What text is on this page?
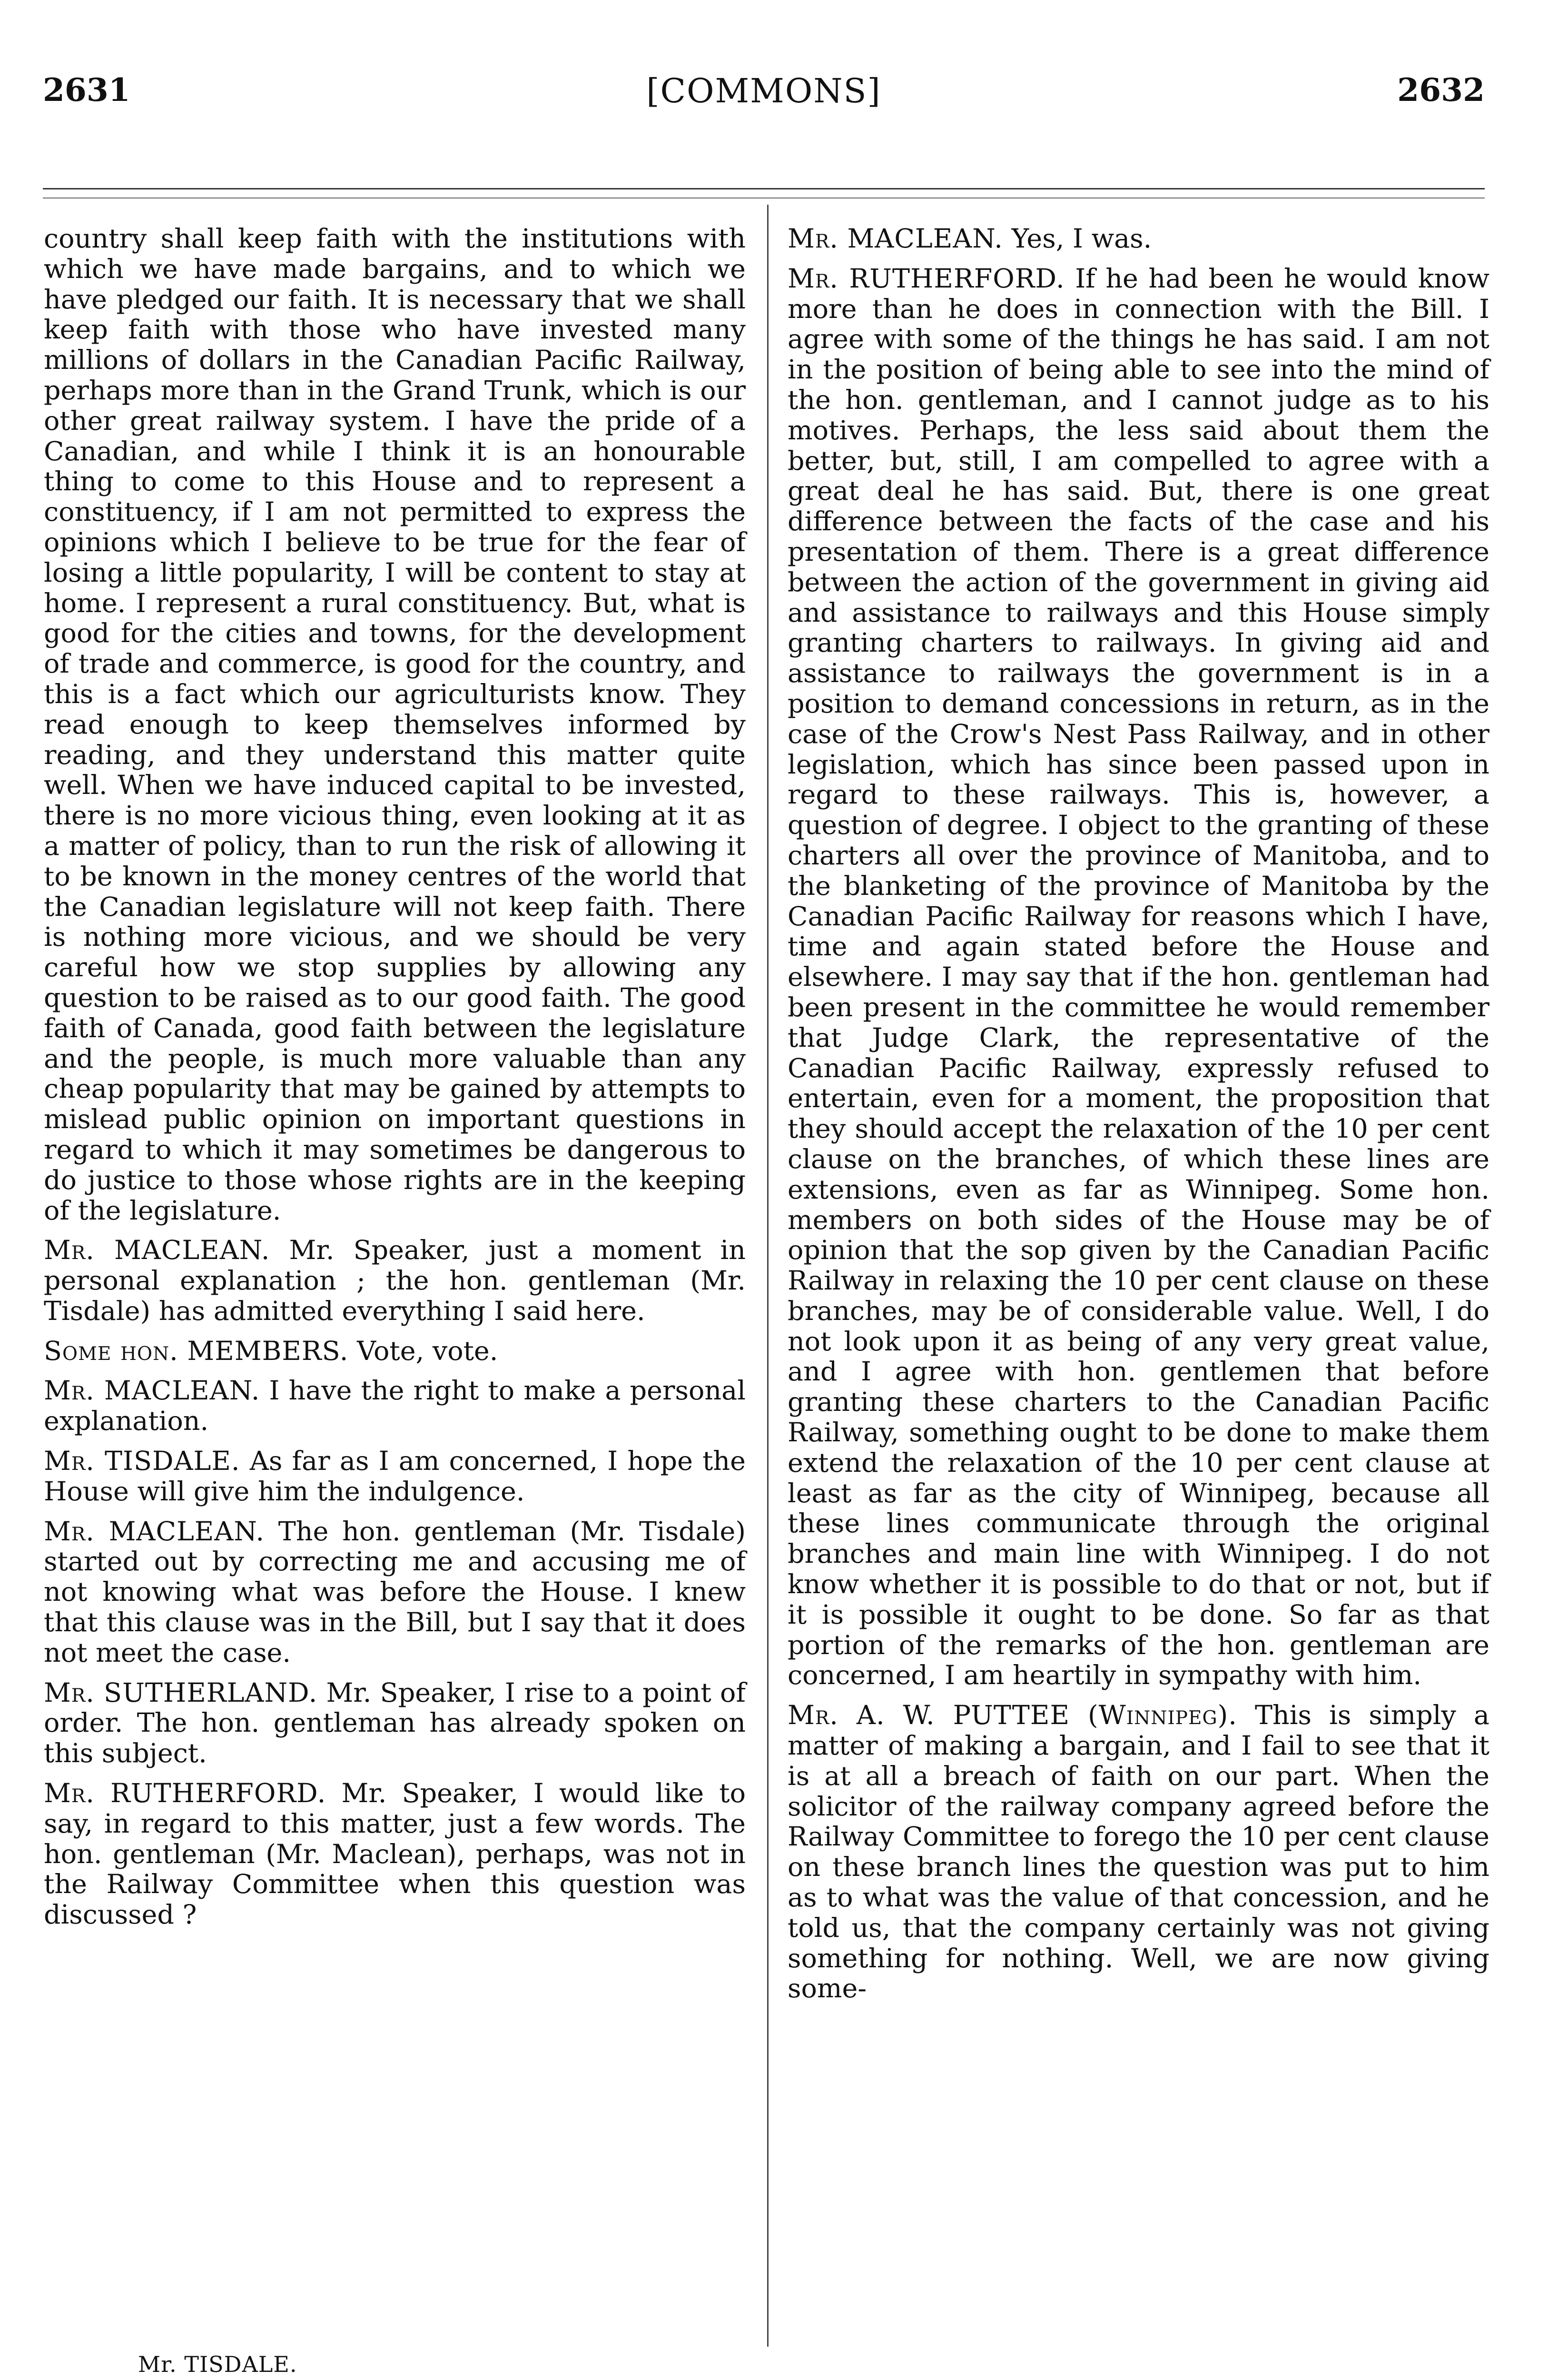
2631	[COMMONS]	2632

country shall keep faith with the institutions with which we have made bargains, and to which we have pledged our faith. It is necessary that we shall keep faith with those who have invested many millions of dollars in the Canadian Pacific Railway, perhaps more than in the Grand Trunk, which is our other great railway system. I have the pride of a Canadian, and while I think it is an honourable thing to come to this House and to represent a constituency, if I am not permitted to express the opinions which I believe to be true for the fear of losing a little popularity, I will be content to stay at home. I represent a rural constituency. But, what is good for the cities and towns, for the development of trade and commerce, is good for the country, and this is a fact which our agriculturists know. They read enough to keep themselves informed by reading, and they understand this matter quite well. When we have induced capital to be invested, there is no more vicious thing, even looking at it as a matter of policy, than to run the risk of allowing it to be known in the money centres of the world that the Canadian legislature will not keep faith. There is nothing more vicious, and we should be very careful how we stop supplies by allowing any question to be raised as to our good faith. The good faith of Canada, good faith between the legislature and the people, is much more valuable than any cheap popularity that may be gained by attempts to mislead public opinion on important questions in regard to which it may sometimes be dangerous to do justice to those whose rights are in the keeping of the legislature.

Mr. MACLEAN. Mr. Speaker, just a moment in personal explanation ; the hon. gentleman (Mr. Tisdale) has admitted everything I said here.

Some hon. MEMBERS. Vote, vote.

Mr. MACLEAN. I have the right to make a personal explanation.

Mr. TISDALE. As far as I am concerned, I hope the House will give him the indulgence.

Mr. MACLEAN. The hon. gentleman (Mr. Tisdale) started out by correcting me and accusing me of not knowing what was before the House. I knew that this clause was in the Bill, but I say that it does not meet the case.

Mr. SUTHERLAND. Mr. Speaker, I rise to a point of order. The hon. gentleman has already spoken on this subject.

Mr. RUTHERFORD. Mr. Speaker, I would like to say, in regard to this matter, just a few words. The hon. gentleman (Mr. Maclean), perhaps, was not in the Railway Committee when this question was discussed ?

Mr. TISDALE.

Mr. MACLEAN. Yes, I was.

Mr. RUTHERFORD. If he had been he would know more than he does in connection with the Bill. I agree with some of the things he has said. I am not in the position of being able to see into the mind of the hon. gentleman, and I cannot judge as to his motives. Perhaps, the less said about them the better, but, still, I am compelled to agree with a great deal he has said. But, there is one great difference between the facts of the case and his presentation of them. There is a great difference between the action of the government in giving aid and assistance to railways and this House simply granting charters to railways. In giving aid and assistance to railways the government is in a position to demand concessions in return, as in the case of the Crow's Nest Pass Railway, and in other legislation, which has since been passed upon in regard to these railways. This is, however, a question of degree. I object to the granting of these charters all over the province of Manitoba, and to the blanketing of the province of Manitoba by the Canadian Pacific Railway for reasons which I have, time and again stated before the House and elsewhere. I may say that if the hon. gentleman had been present in the committee he would remember that Judge Clark, the representative of the Canadian Pacific Railway, expressly refused to entertain, even for a moment, the proposition that they should accept the relaxation of the 10 per cent clause on the branches, of which these lines are extensions, even as far as Winnipeg. Some hon. members on both sides of the House may be of opinion that the sop given by the Canadian Pacific Railway in relaxing the 10 per cent clause on these branches, may be of considerable value. Well, I do not look upon it as being of any very great value, and I agree with hon. gentlemen that before granting these charters to the Canadian Pacific Railway, something ought to be done to make them extend the relaxation of the 10 per cent clause at least as far as the city of Winnipeg, because all these lines communicate through the original branches and main line with Winnipeg. I do not know whether it is possible to do that or not, but if it is possible it ought to be done. So far as that portion of the remarks of the hon. gentleman are concerned, I am heartily in sympathy with him.

Mr. A. W. PUTTEE (Winnipeg). This is simply a matter of making a bargain, and I fail to see that it is at all a breach of faith on our part. When the solicitor of the railway company agreed before the Railway Committee to forego the 10 per cent clause on these branch lines the question was put to him as to what was the value of that concession, and he told us, that the company certainly was not giving something for nothing. Well, we are now giving some-
